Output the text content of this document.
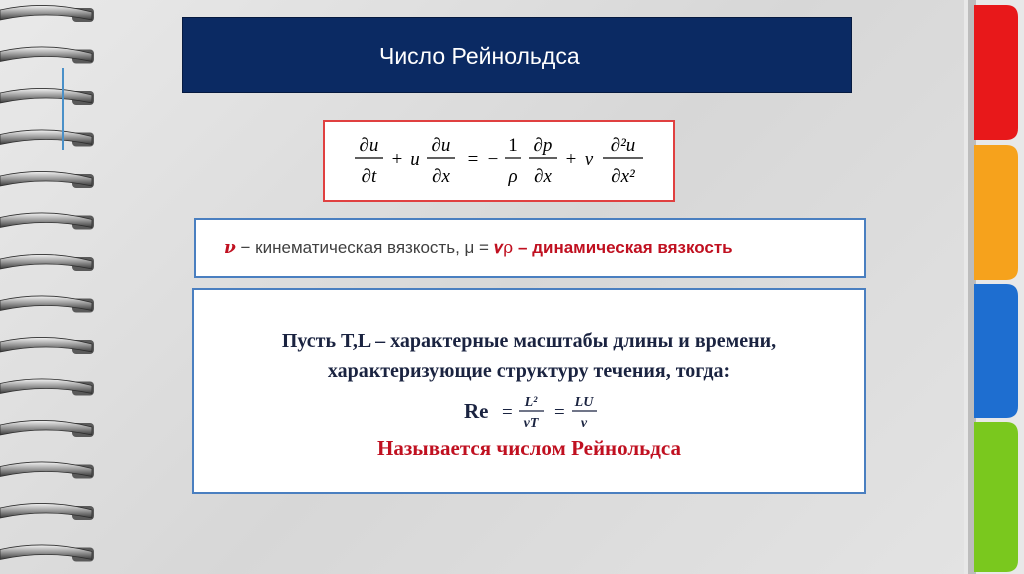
Число Рейнольдса
∂u
∂t
+ u
∂u
∂x
= −
1
ρ
∂p
∂x
+ ν
∂²u
∂x²
𝝂 − кинематическая вязкость, μ = 𝝂ρ – динамическая вязкость
Пусть T,L – характерные масштабы длины и времени,
характеризующие структуру течения, тогда:
Re = L²
νT
= LU
ν
Называется числом Рейнольдса
